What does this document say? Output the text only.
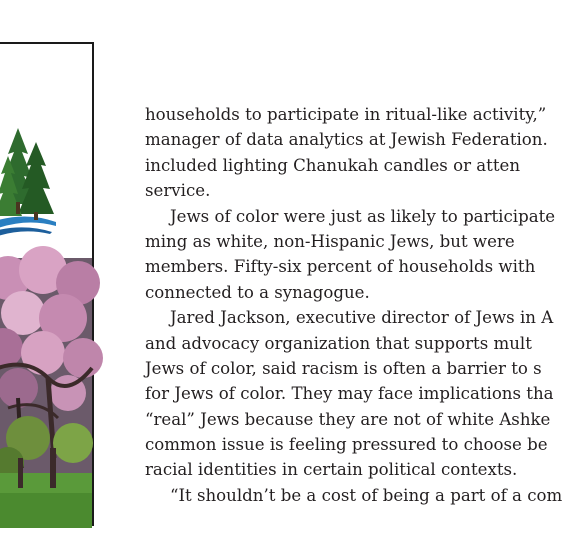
households to participate in ritual-like activity,”
manager of data analytics at Jewish Federation.
included lighting Chanukah candles or atten
service.
Jews of color were just as likely to participate
ming as white, non-Hispanic Jews, but were
members. Fifty-six percent of households with
connected to a synagogue.
Jared Jackson, executive director of Jews in A
and advocacy organization that supports mult
Jews of color, said racism is often a barrier to s
for Jews of color. They may face implications tha
“real” Jews because they are not of white Ashke
common issue is feeling pressured to choose be
racial identities in certain political contexts.
“It shouldn’t be a cost of being a part of a com
